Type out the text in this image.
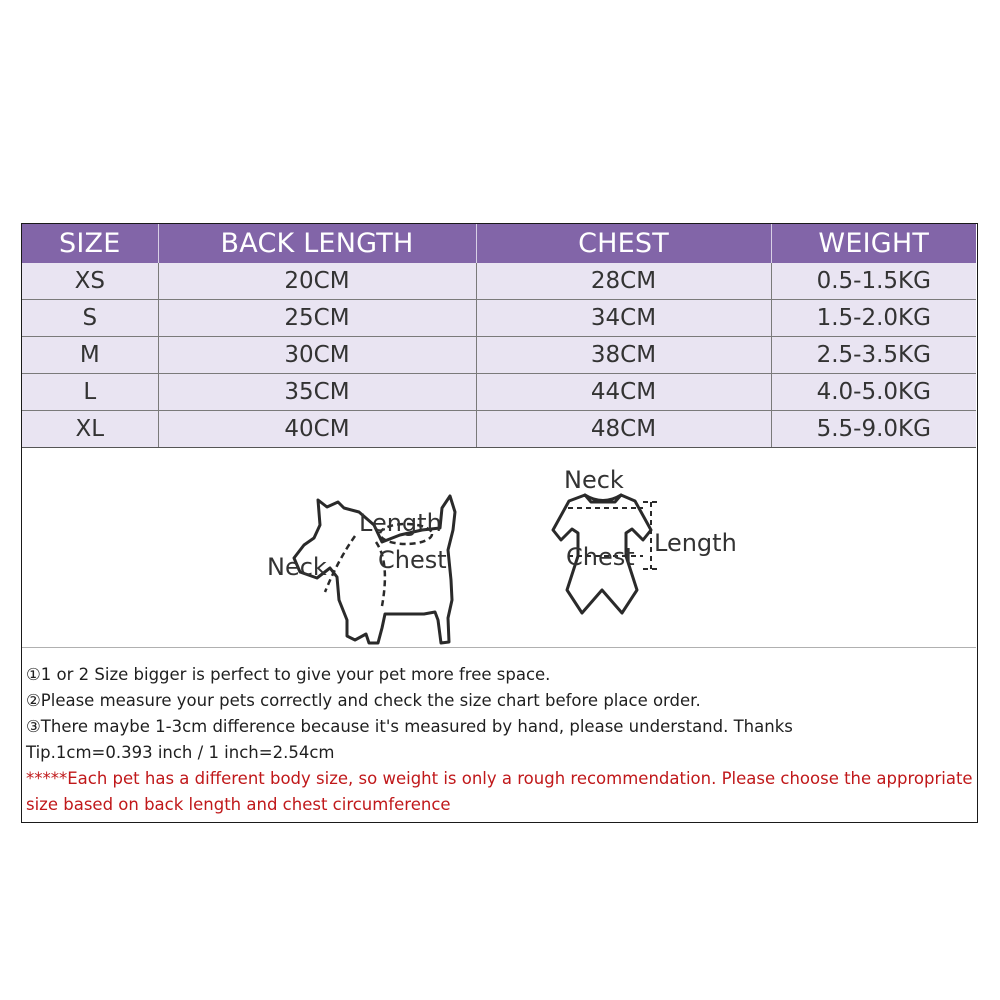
SIZE	BACK LENGTH	CHEST	WEIGHT
XS	20CM	28CM	0.5-1.5KG
S	25CM	34CM	1.5-2.0KG
M	30CM	38CM	2.5-3.5KG
L	35CM	44CM	4.0-5.0KG
XL	40CM	48CM	5.5-9.0KG
Length
Neck Chest
Neck
Chest Length
①1 or 2 Size bigger is perfect to give your pet more free space.
②Please measure your pets correctly and check the size chart before place order.
③There maybe 1-3cm difference because it's measured by hand, please understand. Thanks
Tip.1cm=0.393 inch / 1 inch=2.54cm
*****Each pet has a different body size, so weight is only a rough recommendation. Please choose the appropriate size based on back length and chest circumference
